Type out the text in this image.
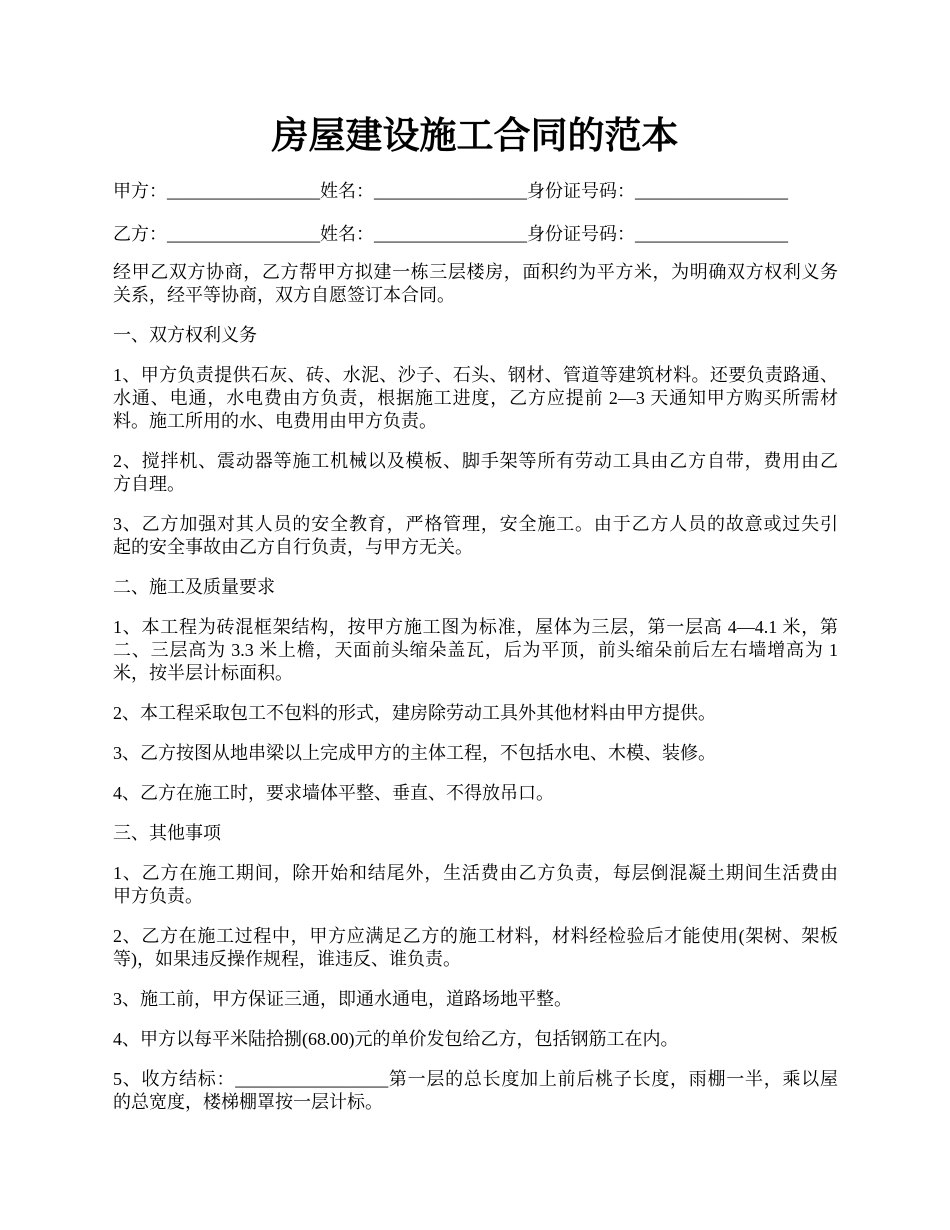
房屋建设施工合同的范本
甲方：_________________姓名：_________________身份证号码：_________________
乙方：_________________姓名：_________________身份证号码：_________________
经甲乙双方协商，乙方帮甲方拟建一栋三层楼房，面积约为平方米，为明确双方权利义务
关系，经平等协商，双方自愿签订本合同。
一、双方权利义务
1、甲方负责提供石灰、砖、水泥、沙子、石头、钢材、管道等建筑材料。还要负责路通、
水通、电通，水电费由方负责，根据施工进度，乙方应提前 2—3 天通知甲方购买所需材
料。施工所用的水、电费用由甲方负责。
2、搅拌机、震动器等施工机械以及模板、脚手架等所有劳动工具由乙方自带，费用由乙
方自理。
3、乙方加强对其人员的安全教育，严格管理，安全施工。由于乙方人员的故意或过失引
起的安全事故由乙方自行负责，与甲方无关。
二、施工及质量要求
1、本工程为砖混框架结构，按甲方施工图为标准，屋体为三层，第一层高 4—4.1 米，第
二、三层高为 3.3 米上檐，天面前头缩朵盖瓦，后为平顶，前头缩朵前后左右墙增高为 1
米，按半层计标面积。
2、本工程采取包工不包料的形式，建房除劳动工具外其他材料由甲方提供。
3、乙方按图从地串梁以上完成甲方的主体工程，不包括水电、木模、装修。
4、乙方在施工时，要求墙体平整、垂直、不得放吊口。
三、其他事项
1、乙方在施工期间，除开始和结尾外，生活费由乙方负责，每层倒混凝土期间生活费由
甲方负责。
2、乙方在施工过程中，甲方应满足乙方的施工材料，材料经检验后才能使用(架树、架板
等)，如果违反操作规程，谁违反、谁负责。
3、施工前，甲方保证三通，即通水通电，道路场地平整。
4、甲方以每平米陆拾捌(68.00)元的单价发包给乙方，包括钢筋工在内。
5、收方结标：_________________第一层的总长度加上前后桃子长度，雨棚一半，乘以屋
的总宽度，楼梯棚罩按一层计标。
